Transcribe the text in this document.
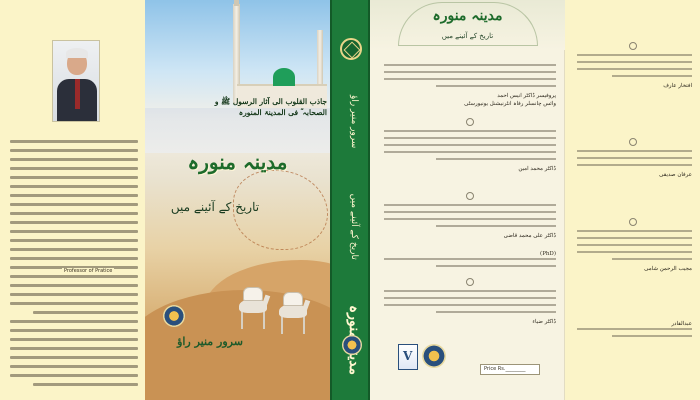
Professor of Pratice
جاذب القلوب الی آثار الرسول ﷺ و الصحابہ ؓ فی المدینۃ المنورہ
مدینہ منورہ
تاریخ کے آئینے میں
سرور منیر راؤ
تاریخ کے آئینے میں
سرور منیر راؤ
مدینہ منورہ
تاریخ کے آئینے میں
پروفیسر ڈاکٹر انیس احمد
وائس چانسلر رفاہ انٹرنیشنل یونیورسٹی
ڈاکٹر محمد امین
ڈاکٹر علی محمد قاضی
(PhD)
ڈاکٹر ضیاء
V
Price Rs.________
افتخار عارف
عرفان صدیقی
مجیب الرحمن شامی
عبدالقادر
